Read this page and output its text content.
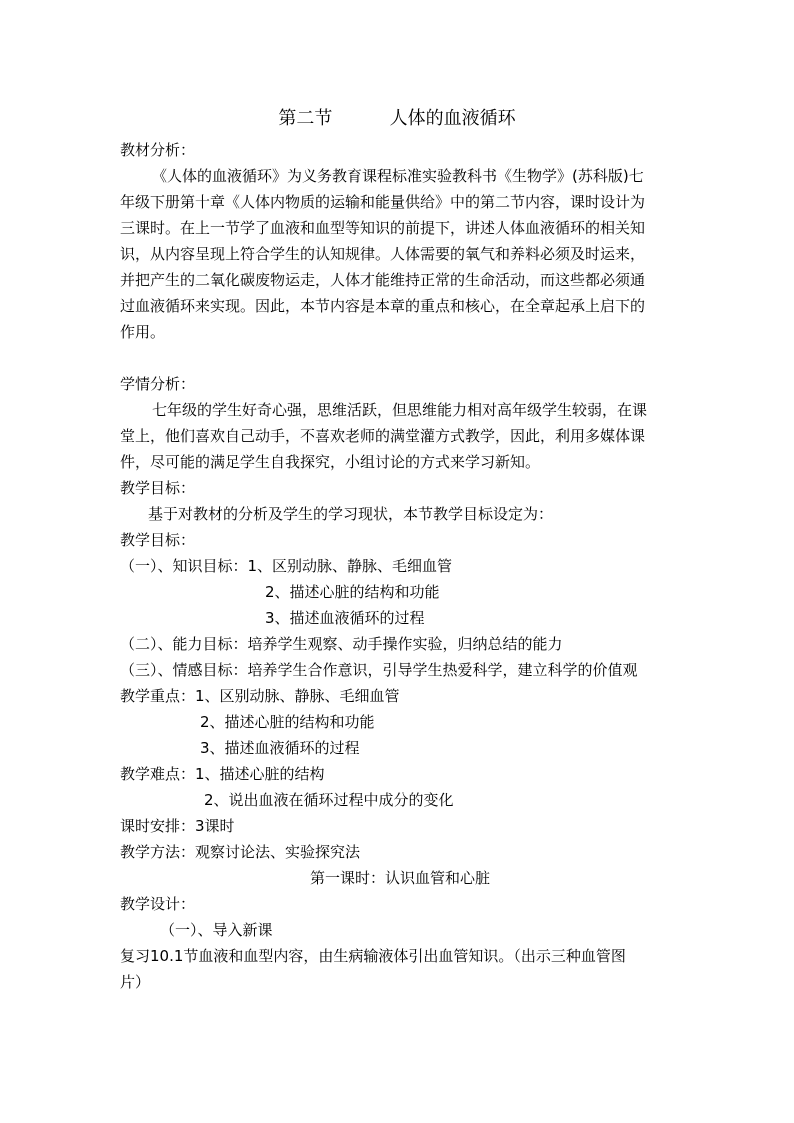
第二节          人体的血液循环
教材分析：
《人体的血液循环》为义务教育课程标准实验教科书《生物学》(苏科版)七
年级下册第十章《人体内物质的运输和能量供给》中的第二节内容，课时设计为
三课时。在上一节学了血液和血型等知识的前提下，讲述人体血液循环的相关知
识，从内容呈现上符合学生的认知规律。人体需要的氧气和养料必须及时运来，
并把产生的二氧化碳废物运走，人体才能维持正常的生命活动，而这些都必须通
过血液循环来实现。因此，本节内容是本章的重点和核心，在全章起承上启下的
作用。
学情分析：
七年级的学生好奇心强，思维活跃，但思维能力相对高年级学生较弱，在课
堂上，他们喜欢自己动手，不喜欢老师的满堂灌方式教学，因此，利用多媒体课
件，尽可能的满足学生自我探究，小组讨论的方式来学习新知。
教学目标：
基于对教材的分析及学生的学习现状，本节教学目标设定为：
教学目标：
（一）、知识目标：1、区别动脉、静脉、毛细血管
2、描述心脏的结构和功能
3、描述血液循环的过程
（二）、能力目标：培养学生观察、动手操作实验，归纳总结的能力
（三）、情感目标：培养学生合作意识，引导学生热爱科学，建立科学的价值观
教学重点：1、区别动脉、静脉、毛细血管
2、描述心脏的结构和功能
3、描述血液循环的过程
教学难点：1、描述心脏的结构
2、说出血液在循环过程中成分的变化
课时安排：3课时
教学方法：观察讨论法、实验探究法
第一课时：认识血管和心脏
教学设计：
（一）、导入新课
复习10.1节血液和血型内容，由生病输液体引出血管知识。（出示三种血管图
片）
